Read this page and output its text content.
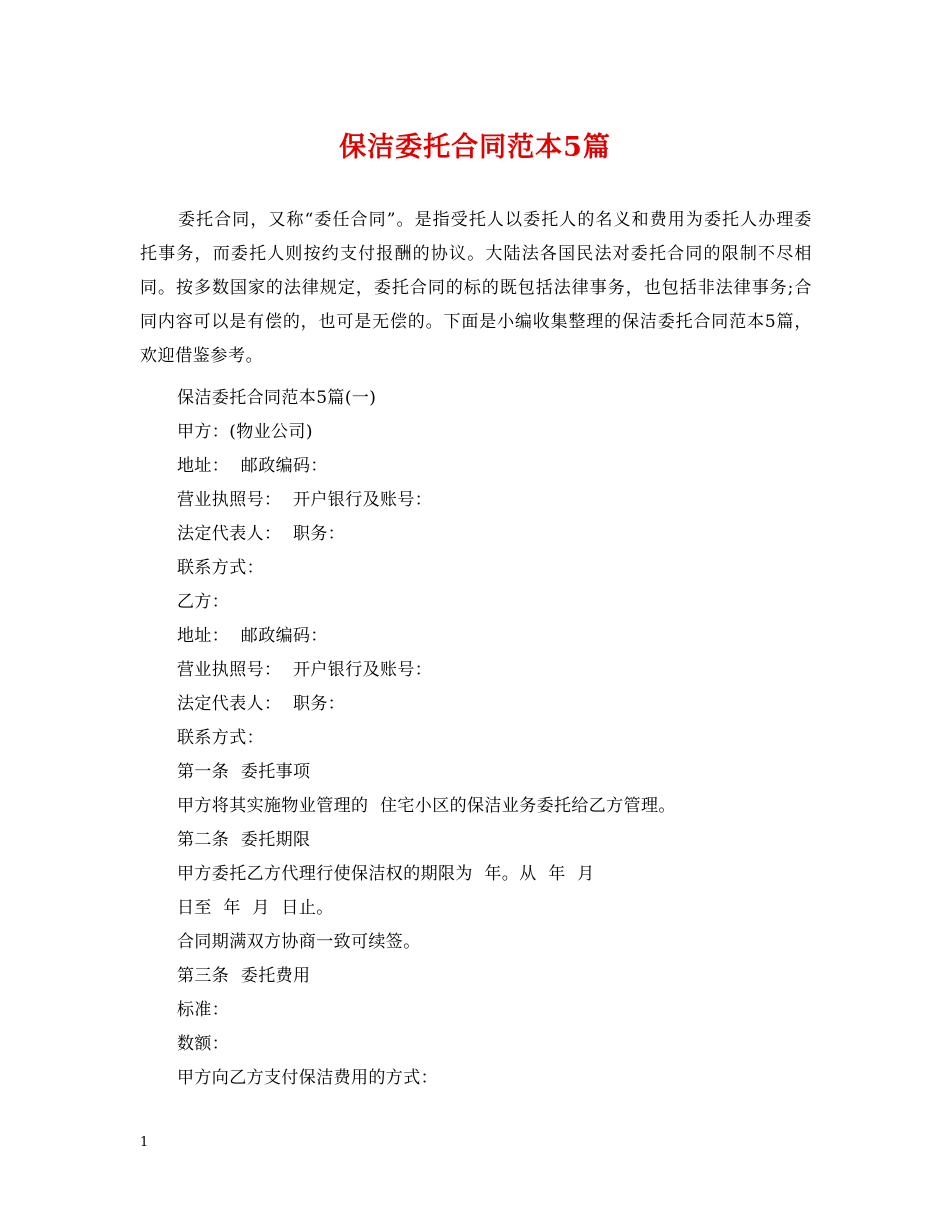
保洁委托合同范本5篇

委托合同，又称“委任合同”。是指受托人以委托人的名义和费用为委托人办理委托事务，而委托人则按约支付报酬的协议。大陆法各国民法对委托合同的限制不尽相同。按多数国家的法律规定，委托合同的标的既包括法律事务，也包括非法律事务;合同内容可以是有偿的，也可是无偿的。下面是小编收集整理的保洁委托合同范本5篇，欢迎借鉴参考。

保洁委托合同范本5篇(一)
甲方：(物业公司)
地址：  邮政编码：
营业执照号：  开户银行及账号：
法定代表人：  职务：
联系方式：
乙方：
地址：  邮政编码：
营业执照号：  开户银行及账号：
法定代表人：  职务：
联系方式：
第一条  委托事项
甲方将其实施物业管理的  住宅小区的保洁业务委托给乙方管理。
第二条  委托期限
甲方委托乙方代理行使保洁权的期限为  年。从  年  月
日至  年  月  日止。
合同期满双方协商一致可续签。
第三条  委托费用
标准：
数额：
甲方向乙方支付保洁费用的方式：
1
